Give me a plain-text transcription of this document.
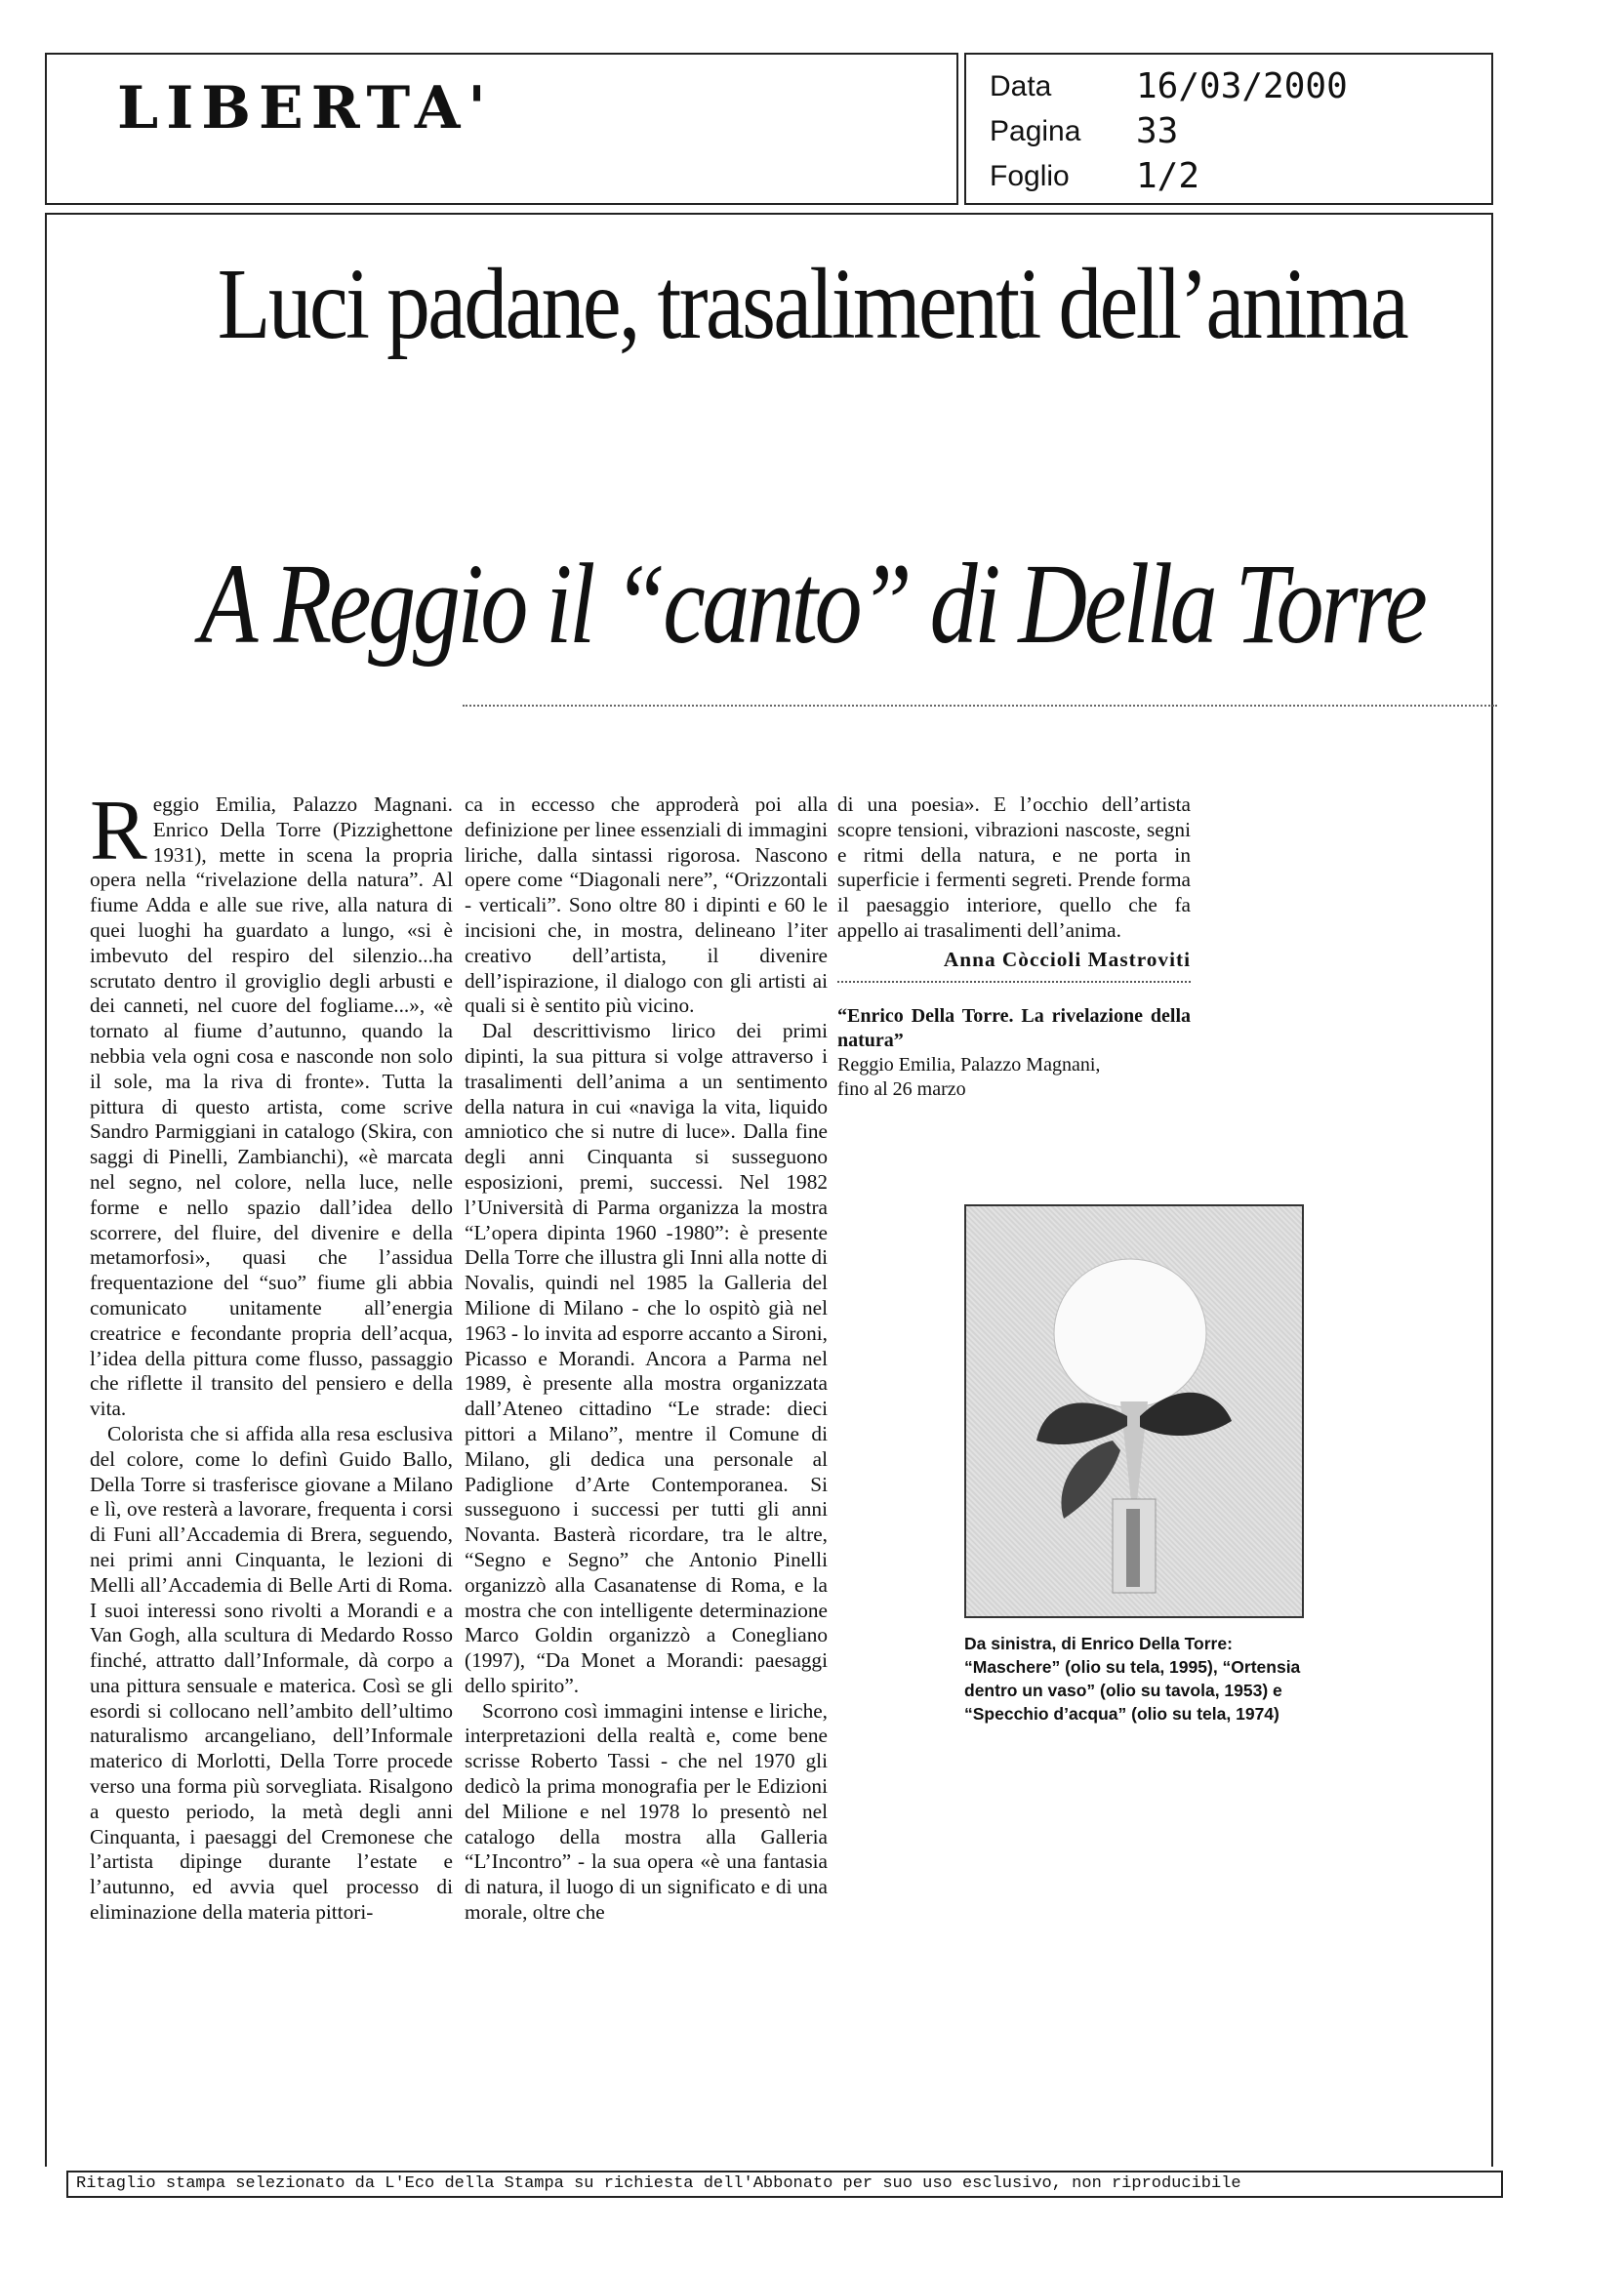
LIBERTA'	Data	16/03/2000
Pagina	33
Foglio	1/2
Luci padane, trasalimenti dell’anima
A Reggio il “canto” di Della Torre

Reggio Emilia, Palazzo Magnani. Enrico Della Torre (Pizzighettone 1931), mette in scena la propria opera nella “rivelazione della natura”. Al fiume Adda e alle sue rive, alla natura di quei luoghi ha guardato a lungo, «si è imbevuto del respiro del silenzio...ha scrutato dentro il groviglio degli arbusti e dei canneti, nel cuore del fogliame...», «è tornato al fiume d’autunno, quando la nebbia vela ogni cosa e nasconde non solo il sole, ma la riva di fronte». Tutta la pittura di questo artista, come scrive Sandro Parmiggiani in catalogo (Skira, con saggi di Pinelli, Zambianchi), «è marcata nel segno, nel colore, nella luce, nelle forme e nello spazio dall’idea dello scorrere, del fluire, del divenire e della metamorfosi», quasi che l’assidua frequentazione del “suo” fiume gli abbia comunicato unitamente all’energia creatrice e fecondante propria dell’acqua, l’idea della pittura come flusso, passaggio che riflette il transito del pensiero e della vita.

Colorista che si affida alla resa esclusiva del colore, come lo definì Guido Ballo, Della Torre si trasferisce giovane a Milano e lì, ove resterà a lavorare, frequenta i corsi di Funi all’Accademia di Brera, seguendo, nei primi anni Cinquanta, le lezioni di Melli all’Accademia di Belle Arti di Roma. I suoi interessi sono rivolti a Morandi e a Van Gogh, alla scultura di Medardo Rosso finché, attratto dall’Informale, dà corpo a una pittura sensuale e materica. Così se gli esordi si collocano nell’ambito dell’ultimo naturalismo arcangeliano, dell’Informale materico di Morlotti, Della Torre procede verso una forma più sorvegliata. Risalgono a questo periodo, la metà degli anni Cinquanta, i paesaggi del Cremonese che l’artista dipinge durante l’estate e l’autunno, ed avvia quel processo di eliminazione della materia pittori-

ca in eccesso che approderà poi alla definizione per linee essenziali di immagini liriche, dalla sintassi rigorosa. Nascono opere come “Diagonali nere”, “Orizzontali - verticali”. Sono oltre 80 i dipinti e 60 le incisioni che, in mostra, delineano l’iter creativo dell’artista, il divenire dell’ispirazione, il dialogo con gli artisti ai quali si è sentito più vicino.

Dal descrittivismo lirico dei primi dipinti, la sua pittura si volge attraverso i trasalimenti dell’anima a un sentimento della natura in cui «naviga la vita, liquido amniotico che si nutre di luce». Dalla fine degli anni Cinquanta si susseguono esposizioni, premi, successi. Nel 1982 l’Università di Parma organizza la mostra “L’opera dipinta 1960 -1980”: è presente Della Torre che illustra gli Inni alla notte di Novalis, quindi nel 1985 la Galleria del Milione di Milano - che lo ospitò già nel 1963 - lo invita ad esporre accanto a Sironi, Picasso e Morandi. Ancora a Parma nel 1989, è presente alla mostra organizzata dall’Ateneo cittadino “Le strade: dieci pittori a Milano”, mentre il Comune di Milano, gli dedica una personale al Padiglione d’Arte Contemporanea. Si susseguono i successi per tutti gli anni Novanta. Basterà ricordare, tra le altre, “Segno e Segno” che Antonio Pinelli organizzò alla Casanatense di Roma, e la mostra che con intelligente determinazione Marco Goldin organizzò a Conegliano (1997), “Da Monet a Morandi: paesaggi dello spirito”.

Scorrono così immagini intense e liriche, interpretazioni della realtà e, come bene scrisse Roberto Tassi - che nel 1970 gli dedicò la prima monografia per le Edizioni del Milione e nel 1978 lo presentò nel catalogo della mostra alla Galleria “L’Incontro” - la sua opera «è una fantasia di natura, il luogo di un significato e di una morale, oltre che

di una poesia». E l’occhio dell’artista scopre tensioni, vibrazioni nascoste, segni e ritmi della natura, e ne porta in superficie i fermenti segreti. Prende forma il paesaggio interiore, quello che fa appello ai trasalimenti dell’anima.

Anna Còccioli Mastroviti
“Enrico Della Torre. La rivelazione della natura”
Reggio Emilia, Palazzo Magnani,
fino al 26 marzo
Da sinistra, di Enrico Della Torre: “Maschere” (olio su tela, 1995), “Ortensia dentro un vaso” (olio su tavola, 1953) e “Specchio d’acqua” (olio su tela, 1974)
Ritaglio stampa selezionato da L'Eco della Stampa su richiesta dell'Abbonato per suo uso esclusivo, non riproducibile
